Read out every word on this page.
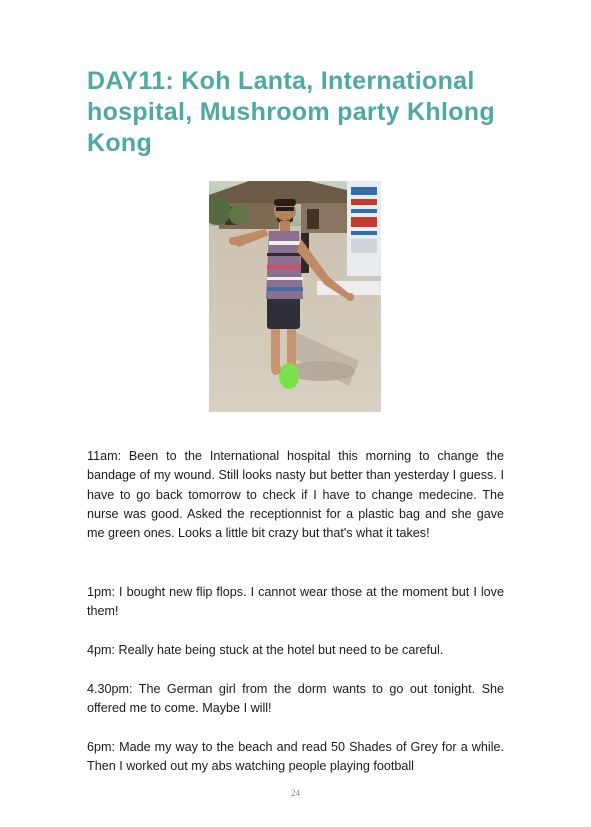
DAY11: Koh Lanta, International hospital, Mushroom party Khlong Kong

11am: Been to the International hospital this morning to change the bandage of my wound. Still looks nasty but better than yesterday I guess. I have to go back tomorrow to check if I have to change medecine. The nurse was good. Asked the receptionnist for a plastic bag and she gave me green ones. Looks a little bit crazy but that's what it takes!

1pm: I bought new flip flops. I cannot wear those at the moment but I love them!

4pm: Really hate being stuck at the hotel but need to be careful.

4.30pm: The German girl from the dorm wants to go out tonight. She offered me to come. Maybe I will!

6pm: Made my way to the beach and read 50 Shades of Grey for a while. Then I worked out my abs watching people playing football

24
